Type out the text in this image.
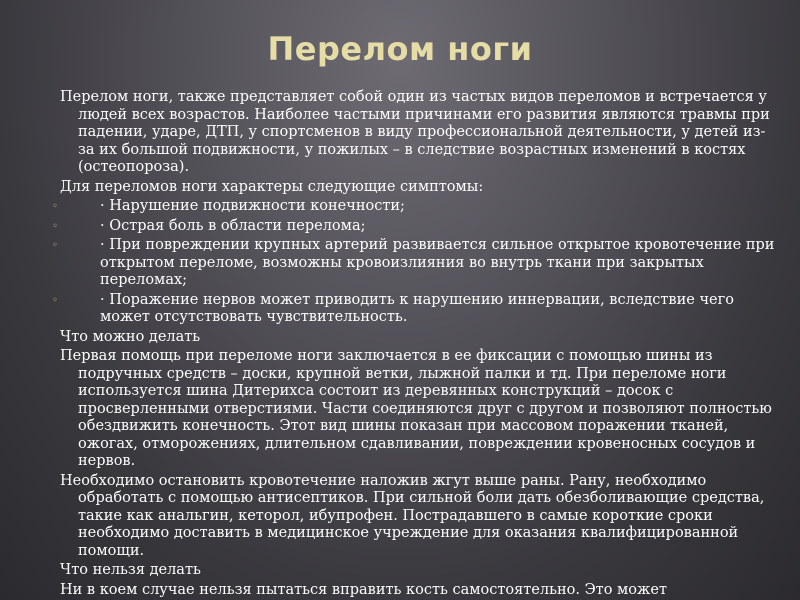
Перелом ноги
Перелом ноги, также представляет собой один из частых видов переломов и встречается у людей всех возрастов. Наиболее частыми причинами его развития являются травмы при падении, ударе, ДТП, у спортсменов в виду профессиональной деятельности, у детей из-за их большой подвижности, у пожилых – в следствие возрастных изменений в костях (остеопороза).
Для переломов ноги характеры следующие симптомы:
◦	· Нарушение подвижности конечности;
◦	· Острая боль в области перелома;
◦	· При повреждении крупных артерий развивается сильное открытое кровотечение при открытом переломе, возможны кровоизлияния во внутрь ткани при закрытых переломах;
◦	· Поражение нервов может приводить к нарушению иннервации, вследствие чего может отсутствовать чувствительность.
Что можно делать
Первая помощь при переломе ноги заключается в ее фиксации с помощью шины из подручных средств – доски, крупной ветки, лыжной палки и тд. При переломе ноги используется шина Дитерихса состоит из деревянных конструкций – досок с просверленными отверстиями. Части соединяются друг с другом и позволяют полностью обездвижить конечность. Этот вид шины показан при массовом поражении тканей, ожогах, отморожениях, длительном сдавливании, повреждении кровеносных сосудов и нервов.
Необходимо остановить кровотечение наложив жгут выше раны. Рану, необходимо обработать с помощью антисептиков. При сильной боли дать обезболивающие средства, такие как анальгин, кеторол, ибупрофен. Пострадавшего в самые короткие сроки необходимо доставить в медицинское учреждение для оказания квалифицированной помощи.
Что нельзя делать
Ни в коем случае нельзя пытаться вправить кость самостоятельно. Это может
